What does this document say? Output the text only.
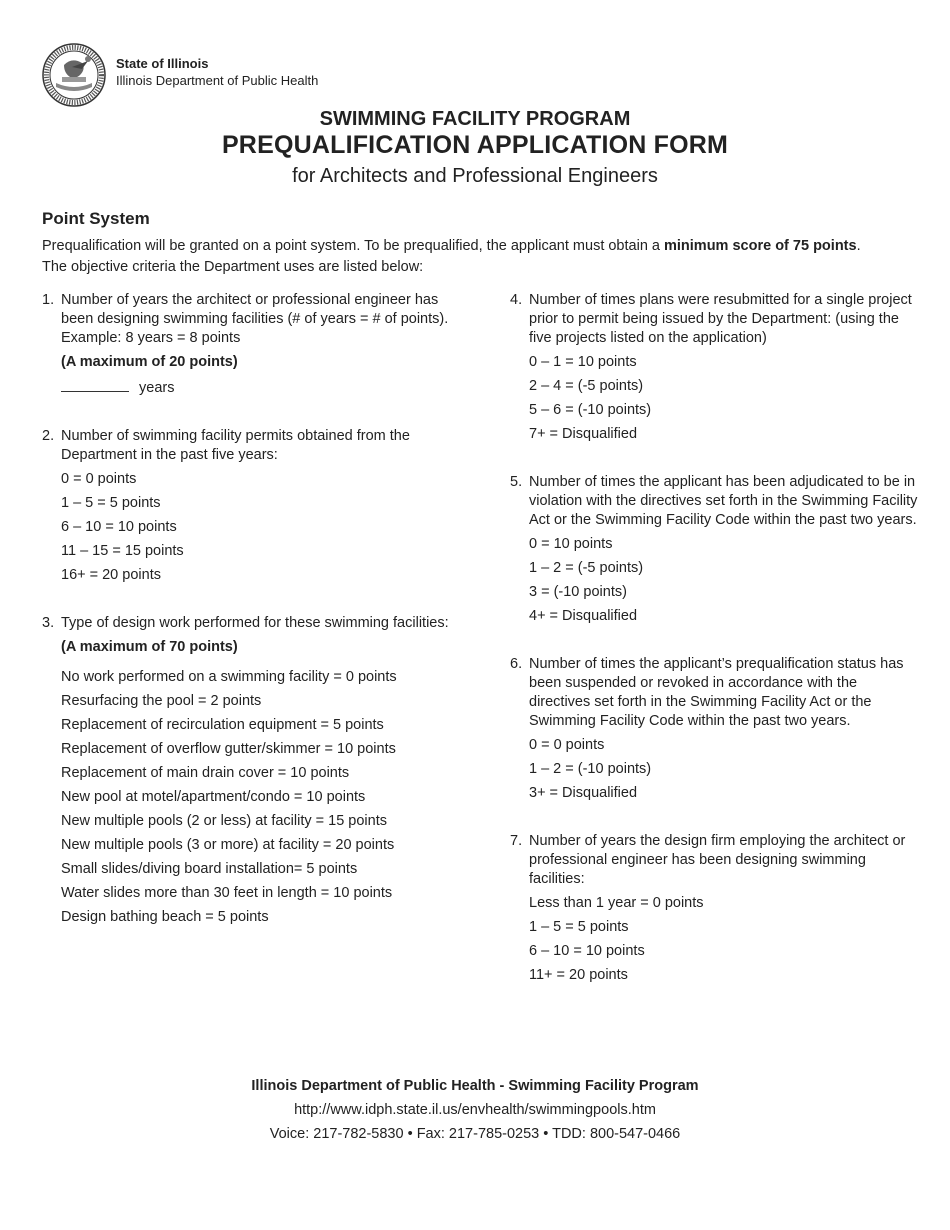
State of Illinois
Illinois Department of Public Health
SWIMMING FACILITY PROGRAM
PREQUALIFICATION APPLICATION FORM
for Architects and Professional Engineers
Point System
Prequalification will be granted on a point system. To be prequalified, the applicant must obtain a minimum score of 75 points.
The objective criteria the Department uses are listed below:
1. Number of years the architect or professional engineer has been designing swimming facilities (# of years = # of points). Example: 8 years = 8 points
(A maximum of 20 points)
years
2. Number of swimming facility permits obtained from the Department in the past five years:
0 = 0 points
1 – 5 = 5 points
6 – 10 = 10 points
11 – 15 = 15 points
16+ = 20 points
3. Type of design work performed for these swimming facilities:
(A maximum of 70 points)
No work performed on a swimming facility = 0 points
Resurfacing the pool = 2 points
Replacement of recirculation equipment = 5 points
Replacement of overflow gutter/skimmer = 10 points
Replacement of main drain cover = 10 points
New pool at motel/apartment/condo = 10 points
New multiple pools (2 or less) at facility = 15 points
New multiple pools (3 or more) at facility = 20 points
Small slides/diving board installation= 5 points
Water slides more than 30 feet in length = 10 points
Design bathing beach = 5 points
4. Number of times plans were resubmitted for a single project prior to permit being issued by the Department: (using the five projects listed on the application)
0 – 1 = 10 points
2 – 4 = (-5 points)
5 – 6 = (-10 points)
7+ = Disqualified
5. Number of times the applicant has been adjudicated to be in violation with the directives set forth in the Swimming Facility Act or the Swimming Facility Code within the past two years.
0 = 10 points
1 – 2 = (-5 points)
3 = (-10 points)
4+ = Disqualified
6. Number of times the applicant’s prequalification status has been suspended or revoked in accordance with the directives set forth in the Swimming Facility Act or the Swimming Facility Code within the past two years.
0 = 0 points
1 – 2 = (-10 points)
3+ = Disqualified
7. Number of years the design firm employing the architect or professional engineer has been designing swimming facilities:
Less than 1 year = 0 points
1 – 5 = 5 points
6 – 10 = 10 points
11+ = 20 points
Illinois Department of Public Health - Swimming Facility Program
http://www.idph.state.il.us/envhealth/swimmingpools.htm
Voice: 217-782-5830 • Fax: 217-785-0253 • TDD: 800-547-0466
